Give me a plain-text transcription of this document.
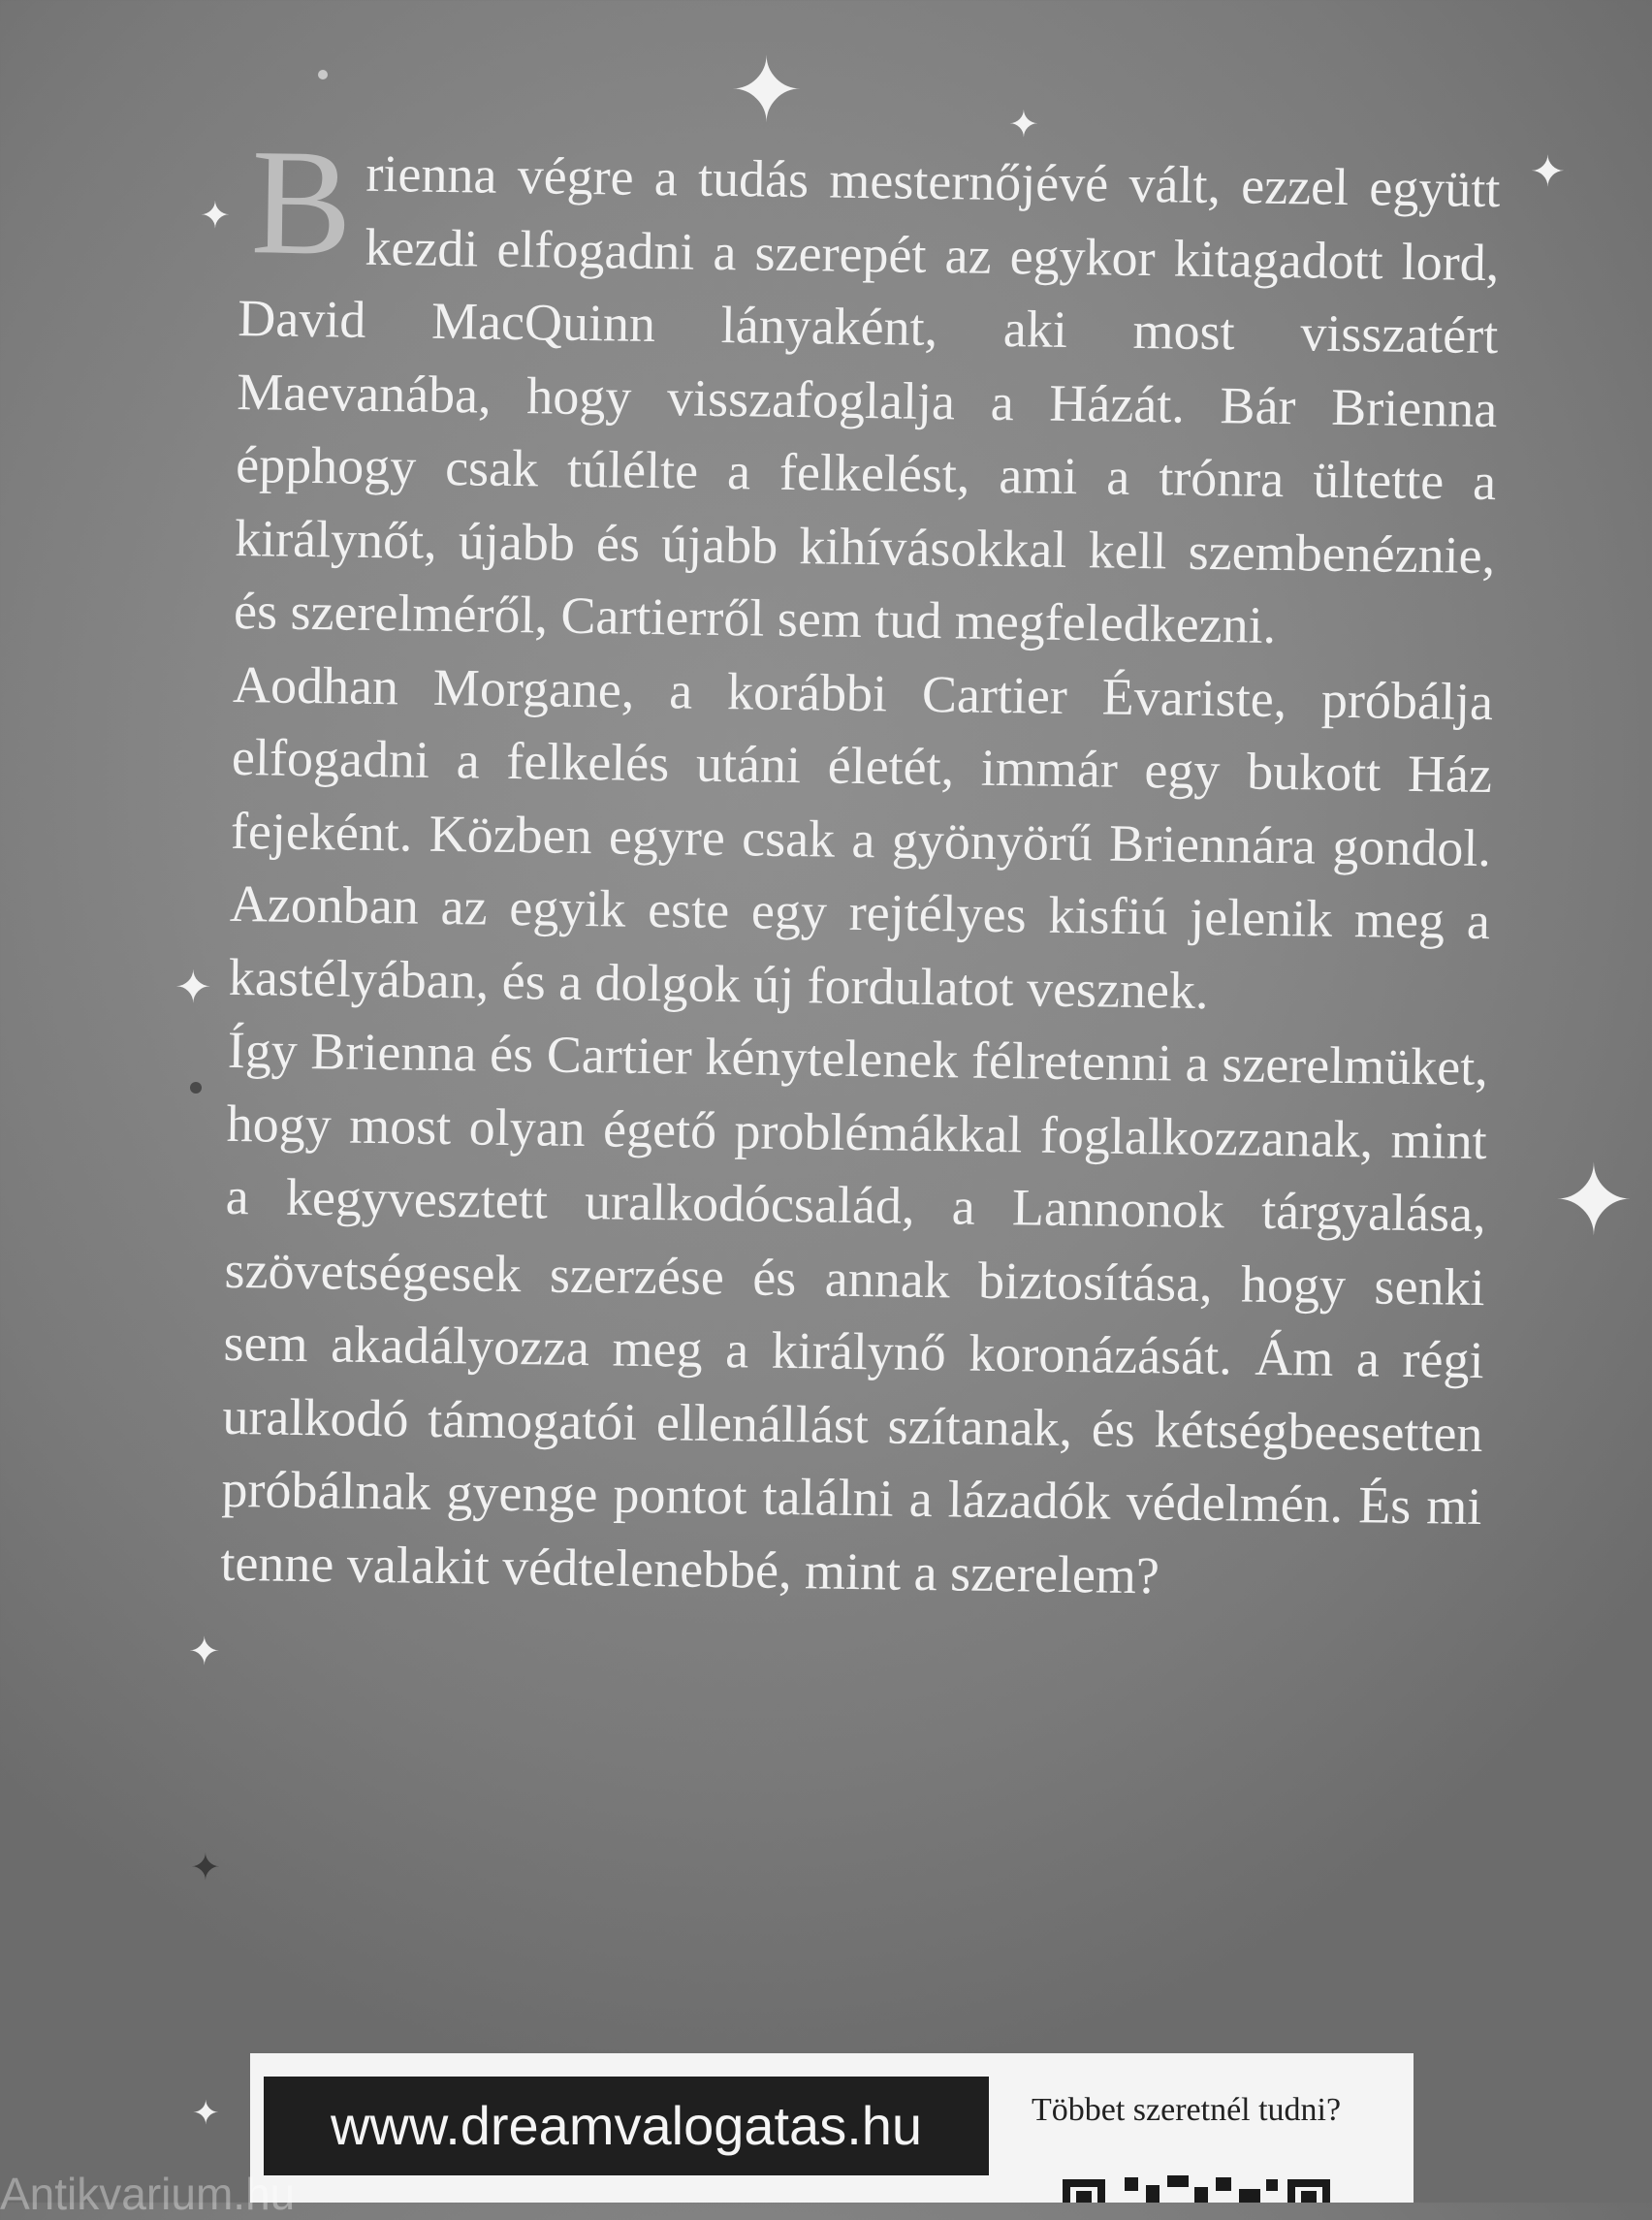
✦	✦
✦
✦
✦
✦
✦
✦
✦

Brienna végre a tudás mesternőjévé vált, ezzel együtt kezdi elfogadni a szerepét az egykor kitagadott lord, David MacQuinn lányaként, aki most visszatért Maevanába, hogy visszafoglalja a Házát. Bár Brienna épphogy csak túlélte a felkelést, ami a trónra ültette a királynőt, újabb és újabb kihívásokkal kell szembenéznie, és szerelméről, Cartierről sem tud megfeledkezni.

Aodhan Morgane, a korábbi Cartier Évariste, próbálja elfogadni a felkelés utáni életét, immár egy bukott Ház fejeként. Közben egyre csak a gyönyörű Briennára gondol. Azonban az egyik este egy rejtélyes kisfiú jelenik meg a kastélyában, és a dolgok új fordulatot vesznek.

Így Brienna és Cartier kénytelenek félretenni a szerelmüket, hogy most olyan égető problémákkal foglalkozzanak, mint a kegyvesztett uralkodócsalád, a Lannonok tárgyalása, szövetségesek szerzése és annak biztosítása, hogy senki sem akadályozza meg a királynő koronázását. Ám a régi uralkodó támogatói ellenállást szítanak, és kétségbeesetten próbálnak gyenge pontot találni a lázadók védelmén. És mi tenne valakit védtelenebbé, mint a szerelem?

www.dreamvalogatas.hu	Többet szeretnél tudni?
Antikvarium.hu
